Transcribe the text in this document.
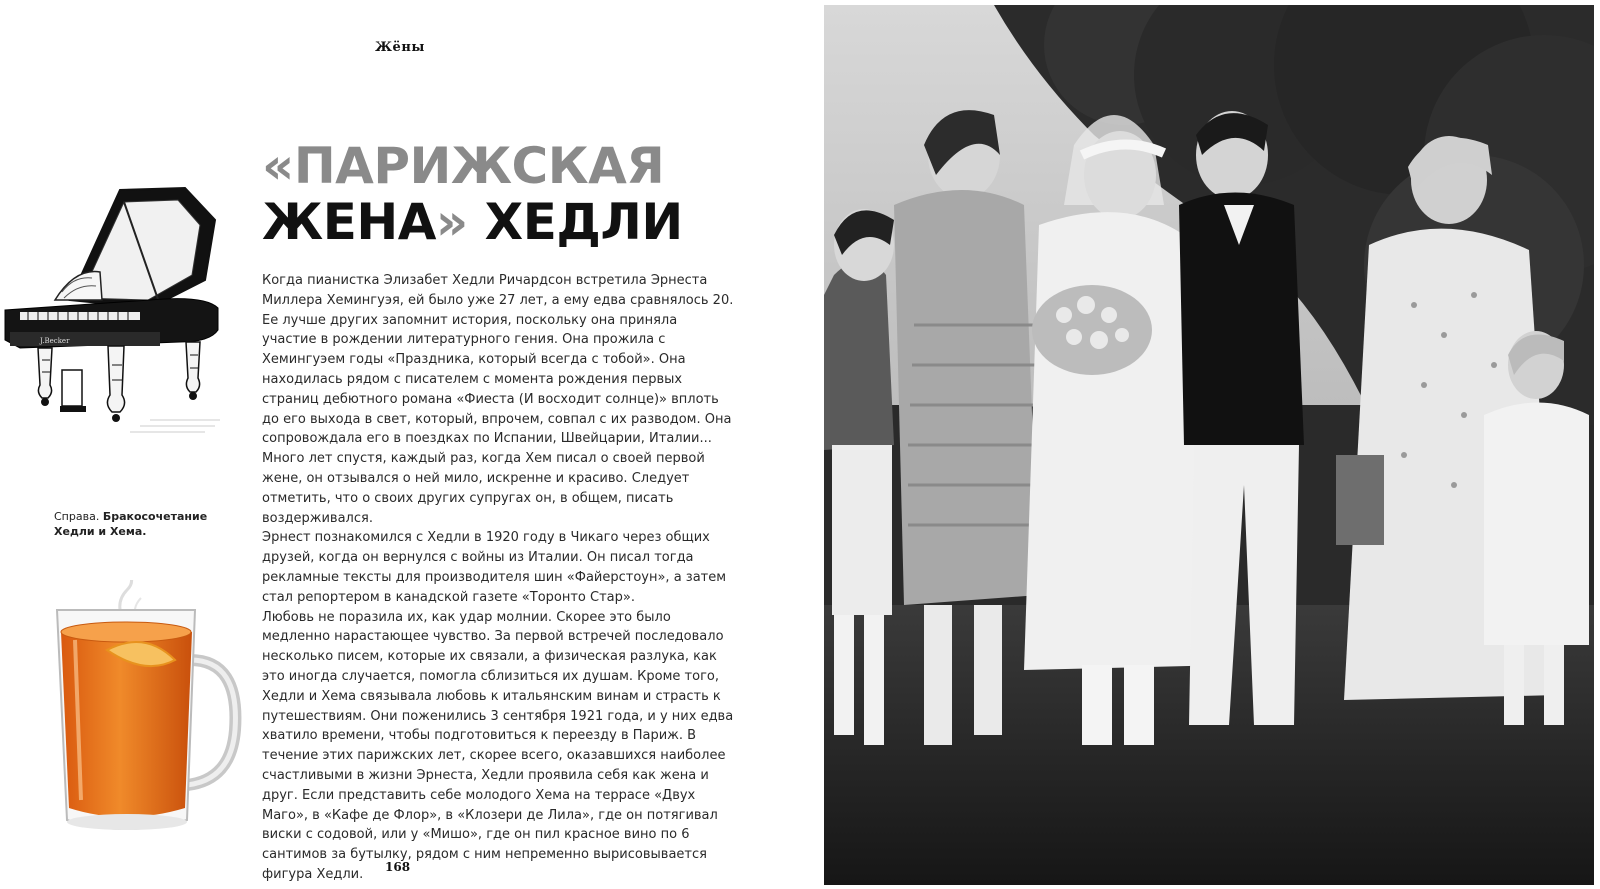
Жёны
J.Becker
«ПАРИЖСКАЯ
ЖЕНА» ХЕДЛИ

Когда пианистка Элизабет Хедли Ричардсон встретила Эрнеста Миллера Хемингуэя, ей было уже 27 лет, а ему едва сравнялось 20. Ее лучше других запомнит история, поскольку она приняла участие в рождении литературного гения. Она прожила с Хемингуэем годы «Праздника, который всегда с тобой». Она находилась рядом с писателем с момента рождения первых страниц дебютного романа «Фиеста (И восходит солнце)» вплоть до его выхода в свет, который, впрочем, совпал с их разводом. Она сопровождала его в поездках по Испании, Швейцарии, Италии...

Много лет спустя, каждый раз, когда Хем писал о своей первой жене, он отзывался о ней мило, искренне и красиво. Следует отметить, что о своих других супругах он, в общем, писать воздерживался.

Эрнест познакомился с Хедли в 1920 году в Чикаго через общих друзей, когда он вернулся с войны из Италии. Он писал тогда рекламные тексты для производителя шин «Файерстоун», а затем стал репортером в канадской газете «Торонто Стар».

Любовь не поразила их, как удар молнии. Скорее это было медленно нарастающее чувство. За первой встречей последовало несколько писем, которые их связали, а физическая разлука, как это иногда случается, помогла сблизиться их душам. Кроме того, Хедли и Хема связывала любовь к итальянским винам и страсть к путешествиям. Они поженились 3 сентября 1921 года, и у них едва хватило времени, чтобы подготовиться к переезду в Париж. В течение этих парижских лет, скорее всего, оказавшихся наиболее счастливыми в жизни Эрнеста, Хедли проявила себя как жена и друг. Если представить себе молодого Хема на террасе «Двух Маго», в «Кафе де Флор», в «Клозери де Лила», где он потягивал виски с содовой, или у «Мишо», где он пил красное вино по 6 сантимов за бутылку, рядом с ним непременно вырисовывается фигура Хедли.

Справа. Бракосочетание Хедли и Хема.
168
